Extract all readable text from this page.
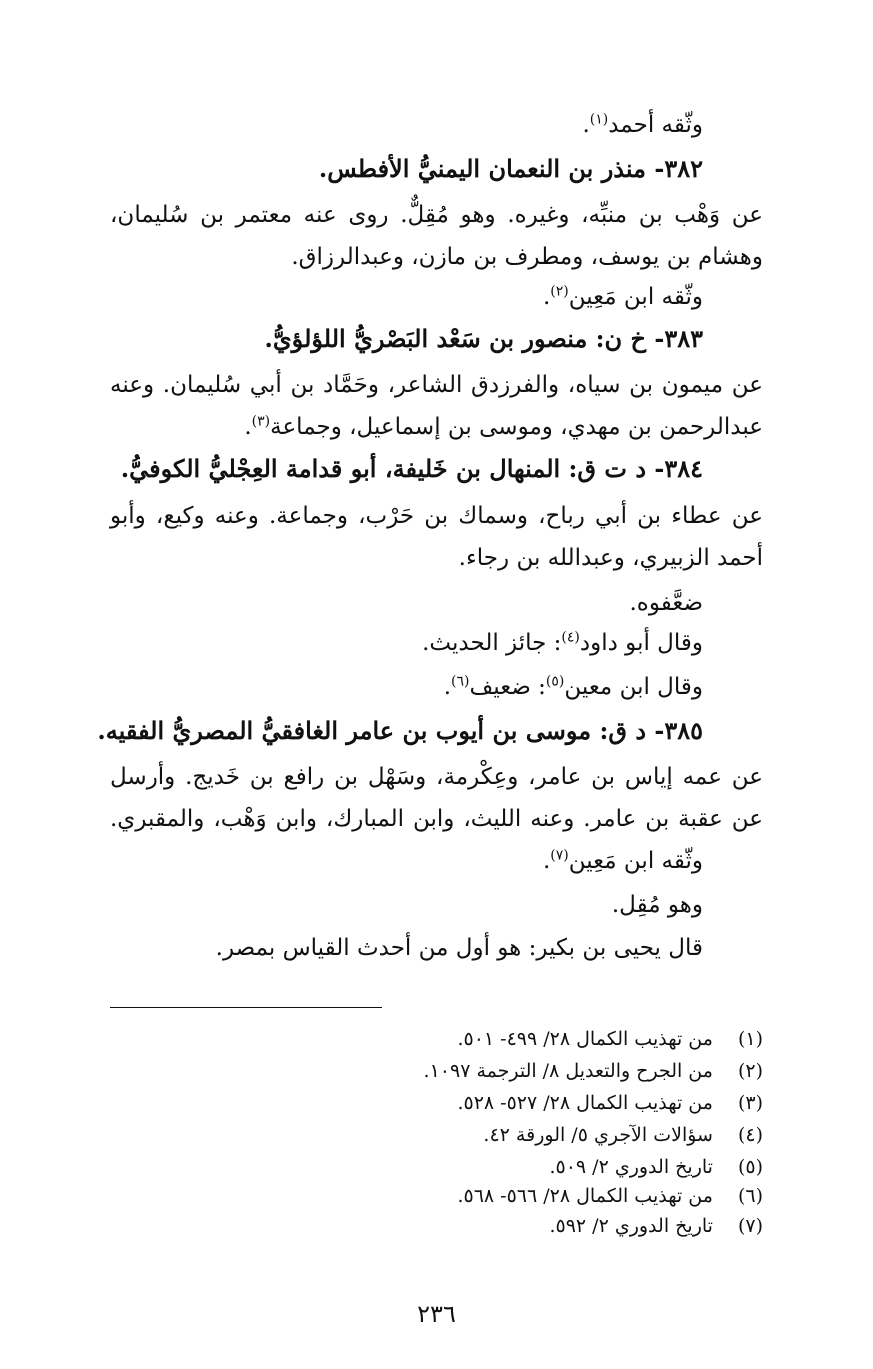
وثّقه أحمد$^{(١)}$.
٣٨٢- منذر بن النعمان اليمنيُّ الأفطس.
عن وَهْب بن منبِّه، وغيره. وهو مُقِلٌّ. روى عنه معتمر بن سُليمان،
وهشام بن يوسف، ومطرف بن مازن، وعبدالرزاق.
وثّقه ابن مَعِين$^{(٢)}$.
٣٨٣- خ ن: منصور بن سَعْد البَصْريُّ اللؤلؤيُّ.
عن ميمون بن سياه، والفرزدق الشاعر، وحَمَّاد بن أبي سُليمان. وعنه
عبدالرحمن بن مهدي، وموسى بن إسماعيل، وجماعة$^{(٣)}$.
٣٨٤- د ت ق: المنهال بن خَليفة، أبو قدامة العِجْليُّ الكوفيُّ.
عن عطاء بن أبي رباح، وسماك بن حَرْب، وجماعة. وعنه وكيع، وأبو
أحمد الزبيري، وعبدالله بن رجاء.
ضعَّفوه.
وقال أبو داود$^{(٤)}$: جائز الحديث.
وقال ابن معين$^{(٥)}$: ضعيف$^{(٦)}$.
٣٨٥- د ق: موسى بن أيوب بن عامر الغافقيُّ المصريُّ الفقيه.
عن عمه إياس بن عامر، وعِكْرمة، وسَهْل بن رافع بن خَديج. وأرسل
عن عقبة بن عامر. وعنه الليث، وابن المبارك، وابن وَهْب، والمقبري.
وثّقه ابن مَعِين$^{(٧)}$.
وهو مُقِل.
قال يحيى بن بكير: هو أول من أحدث القياس بمصر.
(١) من تهذيب الكمال ٢٨/ ٤٩٩- ٥٠١.
(٢) من الجرح والتعديل ٨/ الترجمة ١٠٩٧.
(٣) من تهذيب الكمال ٢٨/ ٥٢٧- ٥٢٨.
(٤) سؤالات الآجري ٥/ الورقة ٤٢.
(٥) تاريخ الدوري ٢/ ٥٠٩.
(٦) من تهذيب الكمال ٢٨/ ٥٦٦- ٥٦٨.
(٧) تاريخ الدوري ٢/ ٥٩٢.
٢٣٦
